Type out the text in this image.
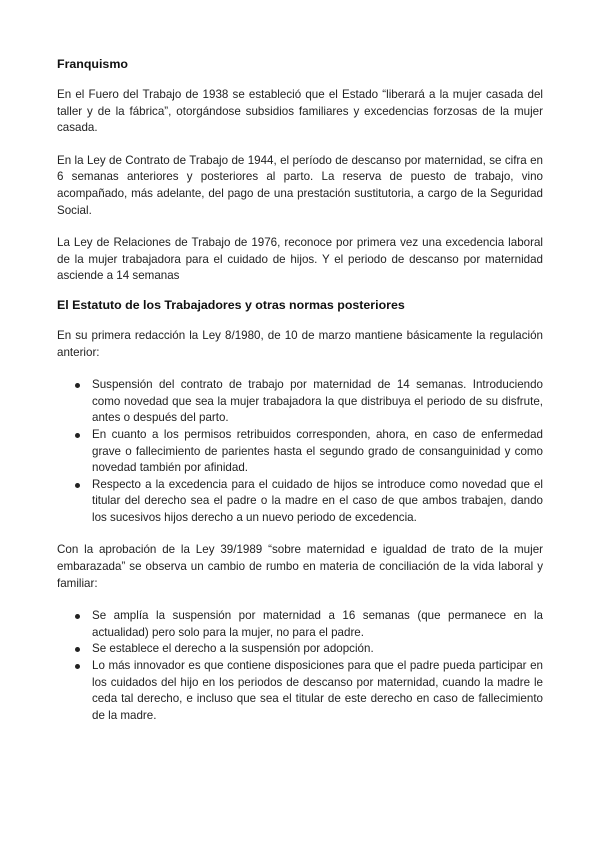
Franquismo

En el Fuero del Trabajo de 1938 se estableció que el Estado “liberará a la mujer casada del taller y de la fábrica”, otorgándose subsidios familiares y excedencias forzosas de la mujer casada.

En la Ley de Contrato de Trabajo de 1944, el período de descanso por maternidad, se cifra en 6 semanas anteriores y posteriores al parto. La reserva de puesto de trabajo, vino acompañado, más adelante, del pago de una prestación sustitutoria, a cargo de la Seguridad Social.

La Ley de Relaciones de Trabajo de 1976, reconoce por primera vez una excedencia laboral de la mujer trabajadora para el cuidado de hijos. Y el periodo de descanso por maternidad asciende a 14 semanas

El Estatuto de los Trabajadores y otras normas posteriores

En su primera redacción la Ley 8/1980, de 10 de marzo mantiene básicamente la regulación anterior:

Suspensión del contrato de trabajo por maternidad de 14 semanas. Introduciendo como novedad que sea la mujer trabajadora la que distribuya el periodo de su disfrute, antes o después del parto.
En cuanto a los permisos retribuidos corresponden, ahora, en caso de enfermedad grave o fallecimiento de parientes hasta el segundo grado de consanguinidad y como novedad también por afinidad.
Respecto a la excedencia para el cuidado de hijos se introduce como novedad que el titular del derecho sea el padre o la madre en el caso de que ambos trabajen, dando los sucesivos hijos derecho a un nuevo periodo de excedencia.

Con la aprobación de la Ley 39/1989 “sobre maternidad e igualdad de trato de la mujer embarazada” se observa un cambio de rumbo en materia de conciliación de la vida laboral y familiar:

Se amplía la suspensión por maternidad a 16 semanas (que permanece en la actualidad) pero solo para la mujer, no para el padre.
Se establece el derecho a la suspensión por adopción.
Lo más innovador es que contiene disposiciones para que el padre pueda participar en los cuidados del hijo en los periodos de descanso por maternidad, cuando la madre le ceda tal derecho, e incluso que sea el titular de este derecho en caso de fallecimiento de la madre.
